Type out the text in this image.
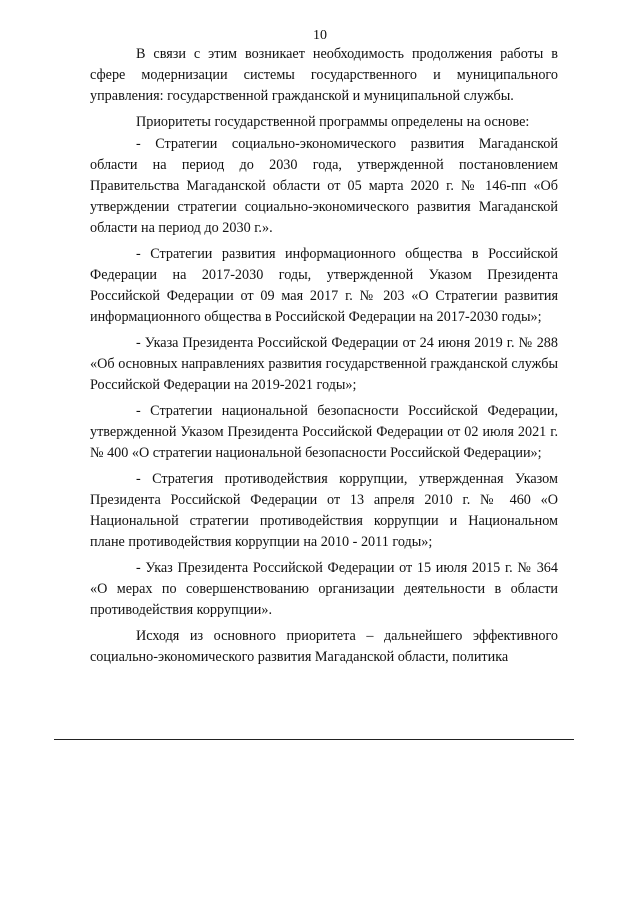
10

В связи с этим возникает необходимость продолжения работы в сфере модернизации системы государственного и муниципального управления: государственной гражданской и муниципальной службы.

Приоритеты государственной программы определены на основе:

- Стратегии социально-экономического развития Магаданской области на период до 2030 года, утвержденной постановлением Правительства Магаданской области от 05 марта 2020 г. № 146-пп «Об утверждении стратегии социально-экономического развития Магаданской области на период до 2030 г.».

- Стратегии развития информационного общества в Российской Федерации на 2017-2030 годы, утвержденной Указом Президента Российской Федерации от 09 мая 2017 г. № 203 «О Стратегии развития информационного общества в Российской Федерации на 2017-2030 годы»;

- Указа Президента Российской Федерации от 24 июня 2019 г. № 288 «Об основных направлениях развития государственной гражданской службы Российской Федерации на 2019-2021 годы»;

- Стратегии национальной безопасности Российской Федерации, утвержденной Указом Президента Российской Федерации от 02 июля 2021 г. № 400 «О стратегии национальной безопасности Российской Федерации»;

- Стратегия противодействия коррупции, утвержденная Указом Президента Российской Федерации от 13 апреля 2010 г. № 460 «О Национальной стратегии противодействия коррупции и Национальном плане противодействия коррупции на 2010 - 2011 годы»;

- Указ Президента Российской Федерации от 15 июля 2015 г. № 364 «О мерах по совершенствованию организации деятельности в области противодействия коррупции».

Исходя из основного приоритета – дальнейшего эффективного социально-экономического развития Магаданской области, политика
